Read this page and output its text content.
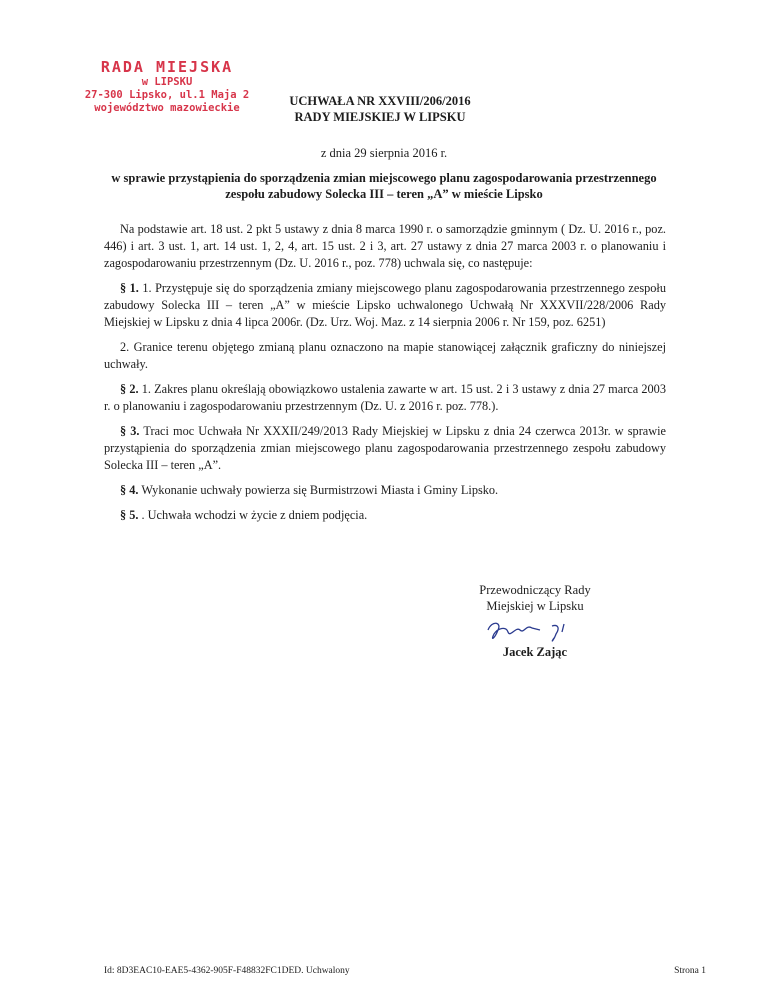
RADA MIEJSKA
w LIPSKU
27-300 Lipsko, ul.1 Maja 2
województwo mazowieckie	UCHWAŁA NR XXVIII/206/2016
RADY MIEJSKIEJ W LIPSKU
z dnia 29 sierpnia 2016 r.
w sprawie przystąpienia do sporządzenia zmian miejscowego planu zagospodarowania przestrzennego zespołu zabudowy Solecka III – teren „A” w mieście Lipsko

Na podstawie art. 18 ust. 2 pkt 5 ustawy z dnia 8 marca 1990 r. o samorządzie gminnym ( Dz. U. 2016 r., poz. 446) i art. 3 ust. 1, art. 14 ust. 1, 2, 4, art. 15 ust. 2 i 3, art. 27 ustawy z dnia 27 marca 2003 r. o planowaniu i zagospodarowaniu przestrzennym (Dz. U. 2016 r., poz. 778) uchwala się, co następuje:

§ 1. 1. Przystępuje się do sporządzenia zmiany miejscowego planu zagospodarowania przestrzennego zespołu zabudowy Solecka III – teren „A” w mieście Lipsko uchwalonego Uchwałą Nr XXXVII/228/2006 Rady Miejskiej w Lipsku z dnia 4 lipca 2006r. (Dz. Urz. Woj. Maz. z 14 sierpnia 2006 r. Nr 159, poz. 6251)

2. Granice terenu objętego zmianą planu oznaczono na mapie stanowiącej załącznik graficzny do niniejszej uchwały.

§ 2. 1. Zakres planu określają obowiązkowo ustalenia zawarte w art. 15 ust. 2 i 3 ustawy z dnia 27 marca 2003 r. o planowaniu i zagospodarowaniu przestrzennym (Dz. U. z 2016 r. poz. 778.).

§ 3. Traci moc Uchwała Nr XXXII/249/2013 Rady Miejskiej w Lipsku z dnia 24 czerwca 2013r. w sprawie przystąpienia do sporządzenia zmian miejscowego planu zagospodarowania przestrzennego zespołu zabudowy Solecka III – teren „A”.

§ 4. Wykonanie uchwały powierza się Burmistrzowi Miasta i Gminy Lipsko.

§ 5. . Uchwała wchodzi w życie z dniem podjęcia.

Przewodniczący Rady
Miejskiej w Lipsku
Jacek Zając
Id: 8D3EAC10-EAE5-4362-905F-F48832FC1DED. Uchwalony	Strona 1
